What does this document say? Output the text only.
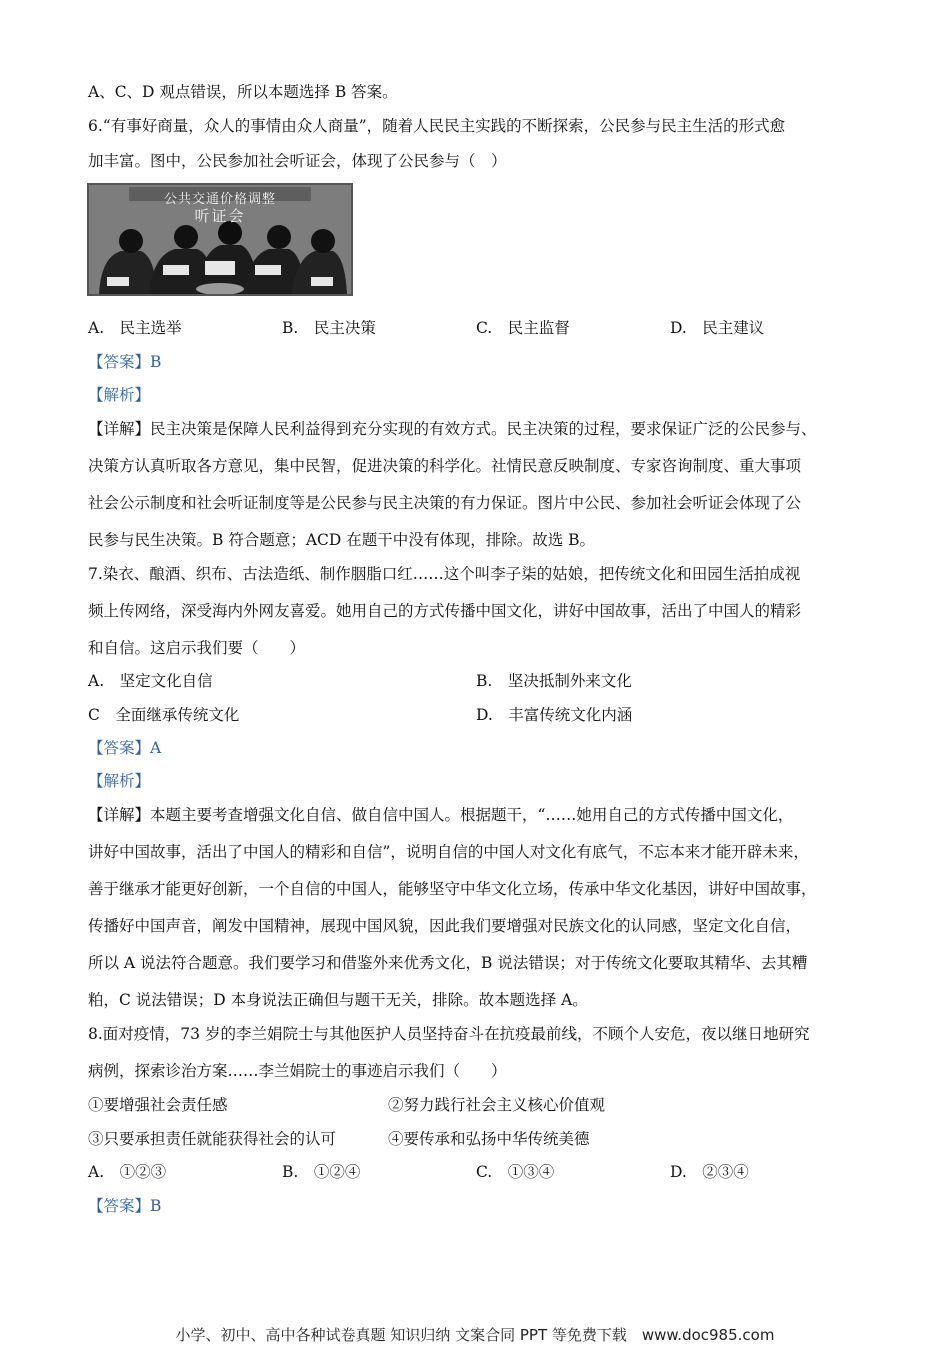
A、C、D 观点错误，所以本题选择 B 答案。
6.“有事好商量，众人的事情由众人商量”，随着人民民主实践的不断探索，公民参与民主生活的形式愈
加丰富。图中，公民参加社会听证会，体现了公民参与（　）
公共交通价格调整
听证会
A.　民主选举	B.　民主决策	C.　民主监督	D.　民主建议
【答案】B
【解析】
【详解】民主决策是保障人民利益得到充分实现的有效方式。民主决策的过程，要求保证广泛的公民参与、
决策方认真听取各方意见，集中民智，促进决策的科学化。社情民意反映制度、专家咨询制度、重大事项
社会公示制度和社会听证制度等是公民参与民主决策的有力保证。图片中公民、参加社会听证会体现了公
民参与民生决策。B 符合题意；ACD 在题干中没有体现，排除。故选 B。
7.染衣、酿酒、织布、古法造纸、制作胭脂口红……这个叫李子柒的姑娘，把传统文化和田园生活拍成视
频上传网络，深受海内外网友喜爱。她用自己的方式传播中国文化，讲好中国故事，活出了中国人的精彩
和自信。这启示我们要（　　）
A.　坚定文化自信	B.　坚决抵制外来文化
C　全面继承传统文化	D.　丰富传统文化内涵
【答案】A
【解析】
【详解】本题主要考查增强文化自信、做自信中国人。根据题干，“……她用自己的方式传播中国文化，
讲好中国故事，活出了中国人的精彩和自信”，说明自信的中国人对文化有底气，不忘本来才能开辟未来，
善于继承才能更好创新，一个自信的中国人，能够坚守中华文化立场，传承中华文化基因，讲好中国故事，
传播好中国声音，阐发中国精神，展现中国风貌，因此我们要增强对民族文化的认同感，坚定文化自信，
所以 A 说法符合题意。我们要学习和借鉴外来优秀文化，B 说法错误；对于传统文化要取其精华、去其糟
粕，C 说法错误；D 本身说法正确但与题干无关，排除。故本题选择 A。
8.面对疫情，73 岁的李兰娟院士与其他医护人员坚持奋斗在抗疫最前线，不顾个人安危，夜以继日地研究
病例，探索诊治方案……李兰娟院士的事迹启示我们（　　）
①要增强社会责任感	②努力践行社会主义核心价值观
③只要承担责任就能获得社会的认可	④要传承和弘扬中华传统美德
A.　①②③	B.　①②④	C.　①③④	D.　②③④
【答案】B
小学、初中、高中各种试卷真题 知识归纳 文案合同 PPT 等免费下载　www.doc985.com
